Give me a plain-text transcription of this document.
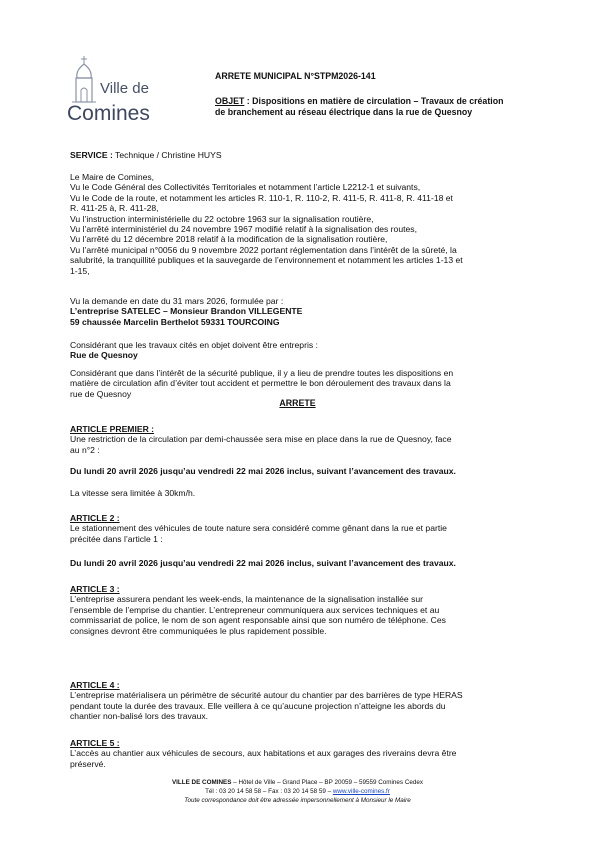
Ville de
Comines
ARRETE MUNICIPAL N°STPM2026-141
OBJET : Dispositions en matière de circulation – Travaux de création de branchement au réseau électrique dans la rue de Quesnoy
SERVICE : Technique / Christine HUYS
Le Maire de Comines,
Vu le Code Général des Collectivités Territoriales et notamment l’article L2212-1 et suivants,
Vu le Code de la route, et notamment les articles R. 110-1, R. 110-2, R. 411-5, R. 411-8, R. 411-18 et
R. 411-25 à, R. 411-28,
Vu l’instruction interministérielle du 22 octobre 1963 sur la signalisation routière,
Vu l’arrêté interministériel du 24 novembre 1967 modifié relatif à la signalisation des routes,
Vu l’arrêté du 12 décembre 2018 relatif à la modification de la signalisation routière,
Vu l’arrêté municipal n°0056 du 9 novembre 2022 portant réglementation dans l’intérêt de la sûreté, la
salubrité, la tranquillité publiques et la sauvegarde de l’environnement et notamment les articles 1-13 et
1-15,
Vu la demande en date du 31 mars 2026, formulée par :
L’entreprise SATELEC – Monsieur Brandon VILLEGENTE
59 chaussée Marcelin Berthelot 59331 TOURCOING
Considérant que les travaux cités en objet doivent être entrepris :
Rue de Quesnoy
Considérant que dans l’intérêt de la sécurité publique, il y a lieu de prendre toutes les dispositions en
matière de circulation afin d’éviter tout accident et permettre le bon déroulement des travaux dans la
rue de Quesnoy
ARRETE
ARTICLE PREMIER :
Une restriction de la circulation par demi-chaussée sera mise en place dans la rue de Quesnoy, face
au n°2 :
Du lundi 20 avril 2026 jusqu’au vendredi 22 mai 2026 inclus, suivant l’avancement des travaux.
La vitesse sera limitée à 30km/h.
ARTICLE 2 :
Le stationnement des véhicules de toute nature sera considéré comme gênant dans la rue et partie
précitée dans l’article 1 :
Du lundi 20 avril 2026 jusqu’au vendredi 22 mai 2026 inclus, suivant l’avancement des travaux.
ARTICLE 3 :
L’entreprise assurera pendant les week-ends, la maintenance de la signalisation installée sur
l’ensemble de l’emprise du chantier. L’entrepreneur communiquera aux services techniques et au
commissariat de police, le nom de son agent responsable ainsi que son numéro de téléphone. Ces
consignes devront être communiquées le plus rapidement possible.
ARTICLE 4 :
L’entreprise matérialisera un périmètre de sécurité autour du chantier par des barrières de type HERAS
pendant toute la durée des travaux. Elle veillera à ce qu’aucune projection n’atteigne les abords du
chantier non-balisé lors des travaux.
ARTICLE 5 :
L’accès au chantier aux véhicules de secours, aux habitations et aux garages des riverains devra être
préservé.
VILLE DE COMINES – Hôtel de Ville – Grand Place – BP 20059 – 59559 Comines Cedex
Tél : 03 20 14 58 58 – Fax : 03 20 14 58 59 – www.ville-comines.fr
Toute correspondance doit être adressée impersonnellement à Monsieur le Maire
